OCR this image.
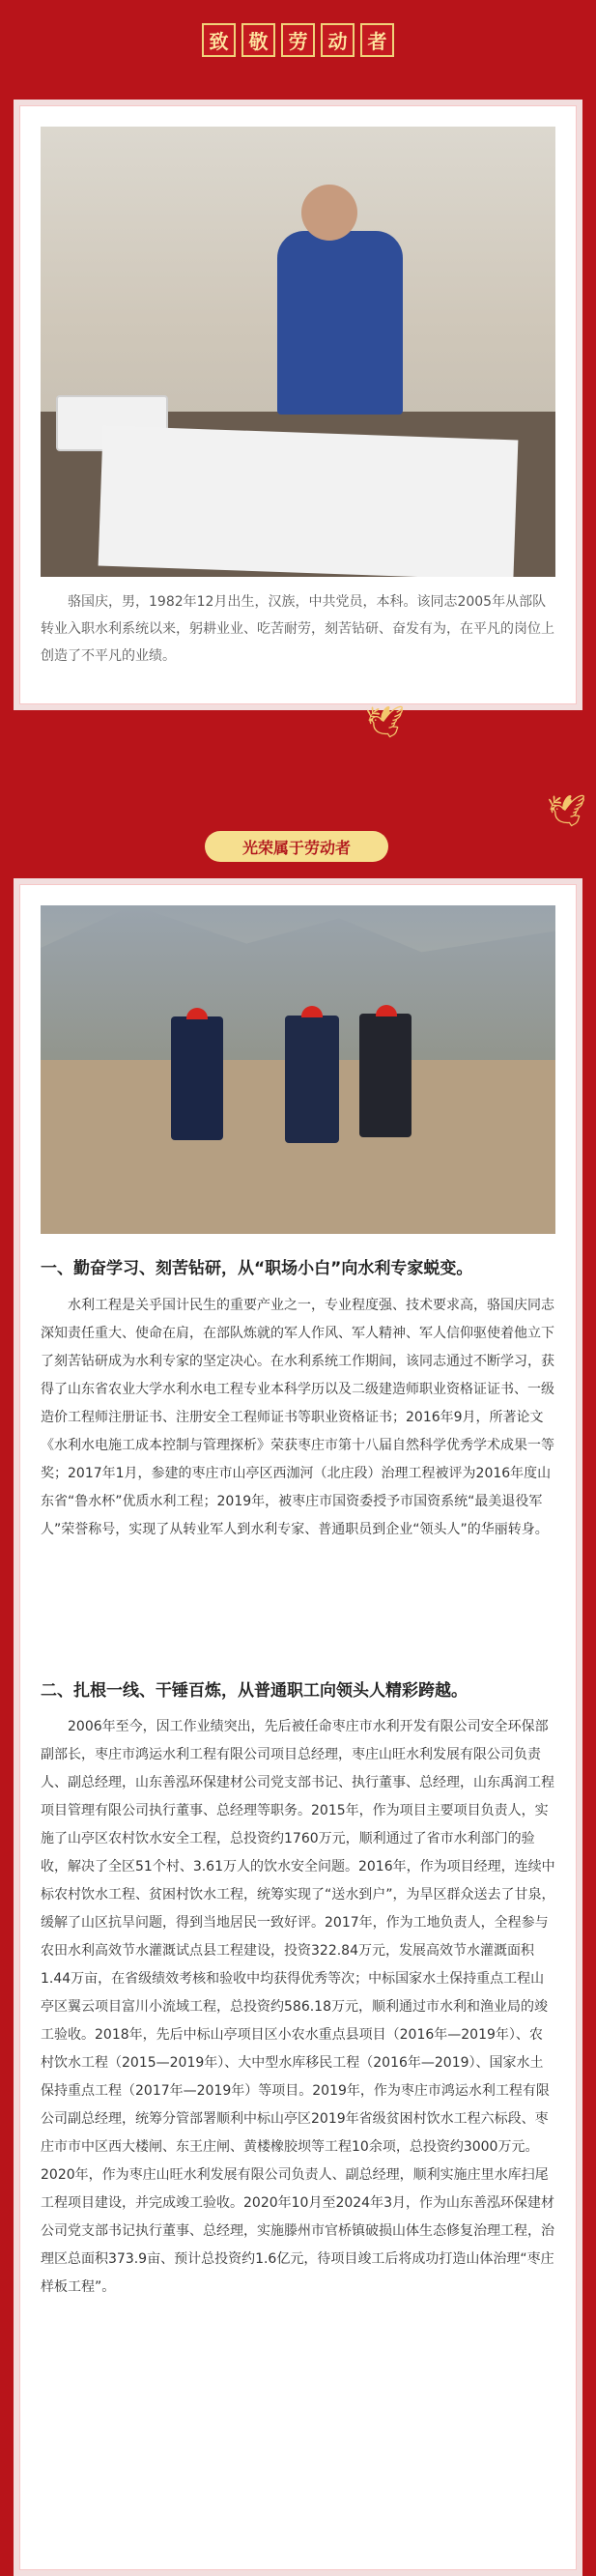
致	敬	劳	动	者
骆国庆，男，1982年12月出生，汉族，中共党员，本科。该同志2005年从部队转业入职水利系统以来，躬耕业业、吃苦耐劳，刻苦钻研、奋发有为，在平凡的岗位上创造了不平凡的业绩。
🕊
🕊
光荣属于劳动者
一、勤奋学习、刻苦钻研，从“职场小白”向水利专家蜕变。
水利工程是关乎国计民生的重要产业之一，专业程度强、技术要求高，骆国庆同志深知责任重大、使命在肩，在部队炼就的军人作风、军人精神、军人信仰驱使着他立下了刻苦钻研成为水利专家的坚定决心。在水利系统工作期间，该同志通过不断学习，获得了山东省农业大学水利水电工程专业本科学历以及二级建造师职业资格证证书、一级造价工程师注册证书、注册安全工程师证书等职业资格证书；2016年9月，所著论文《水利水电施工成本控制与管理探析》荣获枣庄市第十八届自然科学优秀学术成果一等奖；2017年1月，参建的枣庄市山亭区西泇河（北庄段）治理工程被评为2016年度山东省“鲁水杯”优质水利工程；2019年，被枣庄市国资委授予市国资系统“最美退役军人”荣誉称号，实现了从转业军人到水利专家、普通职员到企业“领头人”的华丽转身。
二、扎根一线、干锤百炼，从普通职工向领头人精彩跨越。
2006年至今，因工作业绩突出，先后被任命枣庄市水利开发有限公司安全环保部副部长，枣庄市鸿运水利工程有限公司项目总经理，枣庄山旺水利发展有限公司负责人、副总经理，山东善泓环保建材公司党支部书记、执行董事、总经理，山东禹润工程项目管理有限公司执行董事、总经理等职务。2015年，作为项目主要项目负责人，实施了山亭区农村饮水安全工程，总投资约1760万元，顺利通过了省市水利部门的验收，解决了全区51个村、3.61万人的饮水安全问题。2016年，作为项目经理，连续中标农村饮水工程、贫困村饮水工程，统筹实现了“送水到户”，为旱区群众送去了甘泉，缓解了山区抗旱问题，得到当地居民一致好评。2017年，作为工地负责人，全程参与农田水利高效节水灌溉试点县工程建设，投资322.84万元，发展高效节水灌溉面积1.44万亩，在省级绩效考核和验收中均获得优秀等次；中标国家水土保持重点工程山亭区翼云项目富川小流域工程，总投资约586.18万元，顺利通过市水利和渔业局的竣工验收。2018年，先后中标山亭项目区小农水重点县项目（2016年—2019年）、农村饮水工程（2015—2019年）、大中型水库移民工程（2016年—2019）、国家水土保持重点工程（2017年—2019年）等项目。2019年，作为枣庄市鸿运水利工程有限公司副总经理，统筹分管部署顺利中标山亭区2019年省级贫困村饮水工程六标段、枣庄市市中区西大楼闸、东王庄闸、黄楼橡胶坝等工程10余项，总投资约3000万元。2020年，作为枣庄山旺水利发展有限公司负责人、副总经理，顺利实施庄里水库扫尾工程项目建设，并完成竣工验收。2020年10月至2024年3月，作为山东善泓环保建材公司党支部书记执行董事、总经理，实施滕州市官桥镇破损山体生态修复治理工程，治理区总面积373.9亩、预计总投资约1.6亿元，待项目竣工后将成功打造山体治理“枣庄样板工程”。
